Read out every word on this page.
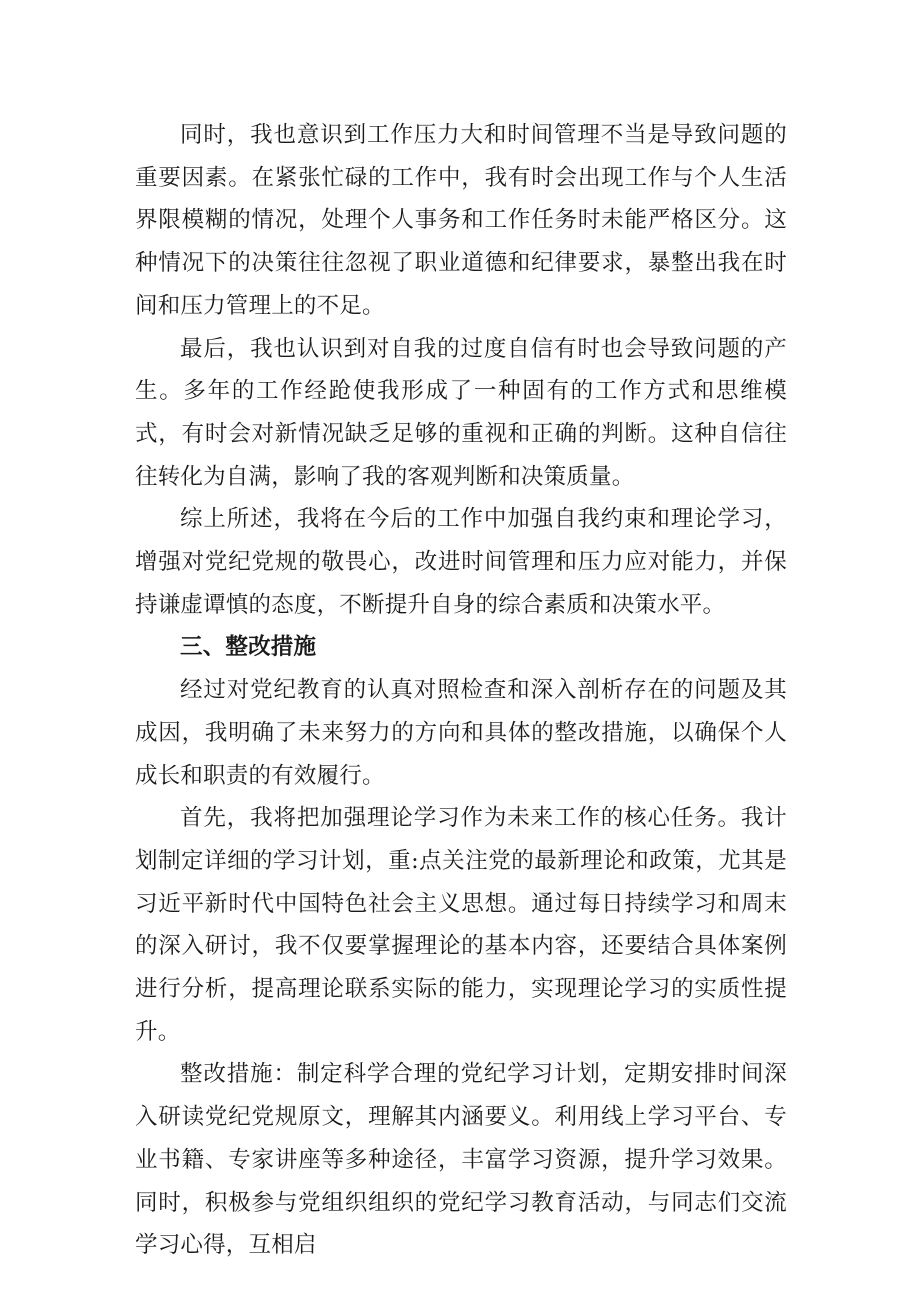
同时，我也意识到工作压力大和时间管理不当是导致问题的重要因素。在紧张忙碌的工作中，我有时会出现工作与个人生活界限模糊的情况，处理个人事务和工作任务时未能严格区分。这种情况下的决策往往忽视了职业道德和纪律要求，暴整出我在时间和压力管理上的不足。

最后，我也认识到对自我的过度自信有时也会导致问题的产生。多年的工作经跄使我形成了一种固有的工作方式和思维模式，有时会对新情况缺乏足够的重视和正确的判断。这种自信往往转化为自满，影响了我的客观判断和决策质量。

综上所述，我将在今后的工作中加强自我约束和理论学习，增强对党纪党规的敬畏心，改进时间管理和压力应对能力，并保持谦虚谭慎的态度，不断提升自身的综合素质和决策水平。

三、整改措施

经过对党纪教育的认真对照检查和深入剖析存在的问题及其成因，我明确了未来努力的方向和具体的整改措施，以确保个人成长和职责的有效履行。

首先，我将把加强理论学习作为未来工作的核心任务。我计划制定详细的学习计划，重:点关注党的最新理论和政策，尤其是习近平新时代中国特色社会主义思想。通过每日持续学习和周末的深入研讨，我不仅要掌握理论的基本内容，还要结合具体案例进行分析，提高理论联系实际的能力，实现理论学习的实质性提升。

整改措施：制定科学合理的党纪学习计划，定期安排时间深入研读党纪党规原文，理解其内涵要义。利用线上学习平台、专业书籍、专家讲座等多种途径，丰富学习资源，提升学习效果。同时，积极参与党组织组织的党纪学习教育活动，与同志们交流学习心得，互相启
